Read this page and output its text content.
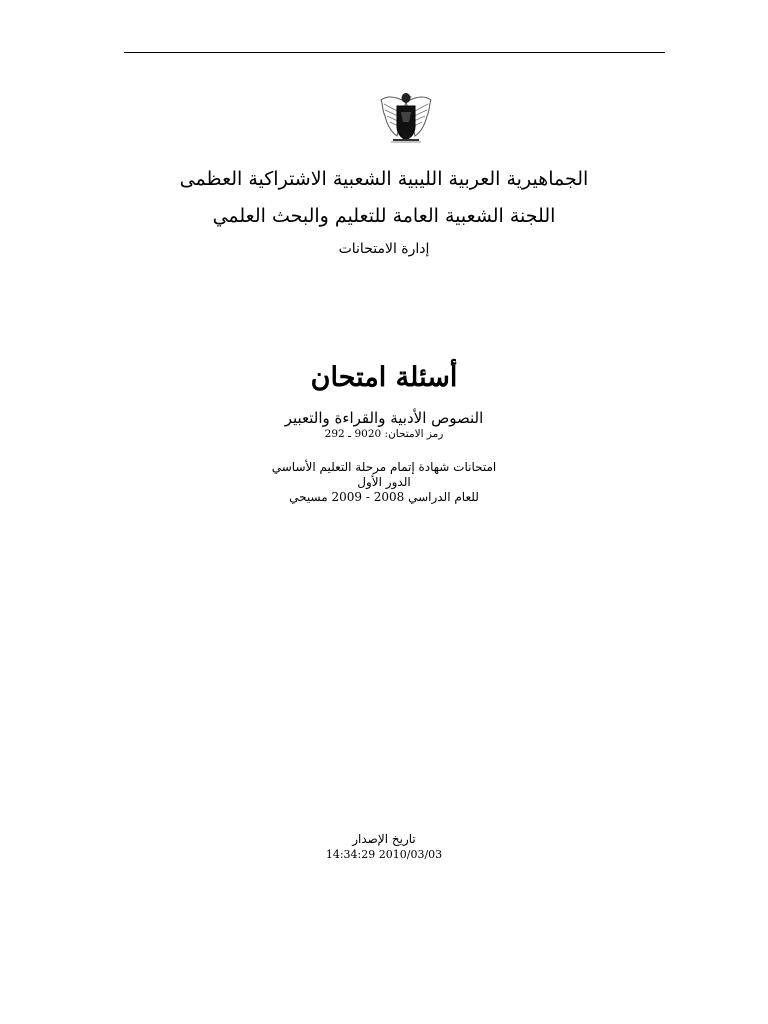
الجماهيرية العربية الليبية الشعبية الاشتراكية العظمى
اللجنة الشعبية العامة للتعليم والبحث العلمي
إدارة الامتحانات
أسئلة امتحان
النصوص الأدبية والقراءة والتعبير
رمز الامتحان: 9020 ـ 292
امتحانات شهادة إتمام مرحلة التعليم الأساسي
الدور الأول
للعام الدراسي 2008 - 2009 مسيحي
تاريخ الإصدار
14:34:29 2010/03/03
